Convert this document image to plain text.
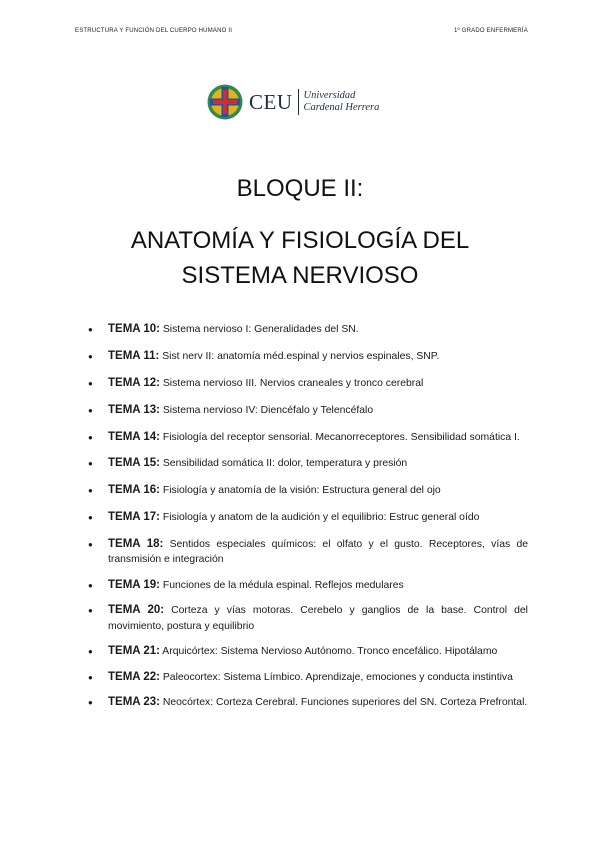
ESTRUCTURA Y FUNCIÓN DEL CUERPO HUMANO II	1º GRADO ENFERMERÍA
CEU Universidad
Cardenal Herrera
BLOQUE II:
ANATOMÍA Y FISIOLOGÍA DEL
SISTEMA NERVIOSO
● TEMA 10: Sistema nervioso I: Generalidades del SN.
● TEMA 11: Sist nerv II: anatomía méd.espinal y nervios espinales, SNP.
● TEMA 12: Sistema nervioso III. Nervios craneales y tronco cerebral
● TEMA 13: Sistema nervioso IV: Diencéfalo y Telencéfalo
● TEMA 14: Fisiología del receptor sensorial. Mecanorreceptores. Sensibilidad somática I.
● TEMA 15: Sensibilidad somática II: dolor, temperatura y presión
● TEMA 16: Fisiología y anatomía de la visión: Estructura general del ojo
● TEMA 17: Fisiología y anatom de la audición y el equilibrio: Estruc general oído
● TEMA 18: Sentidos especiales químicos: el olfato y el gusto. Receptores, vías de transmisión e integración
● TEMA 19: Funciones de la médula espinal. Reflejos medulares
● TEMA 20: Corteza y vías motoras. Cerebelo y ganglios de la base. Control del movimiento, postura y equilibrio
● TEMA 21: Arquicórtex: Sistema Nervioso Autónomo. Tronco encefálico. Hipotálamo
● TEMA 22: Paleocortex: Sistema Límbico. Aprendizaje, emociones y conducta instintiva
● TEMA 23: Neocórtex: Corteza Cerebral. Funciones superiores del SN. Corteza Prefrontal.
